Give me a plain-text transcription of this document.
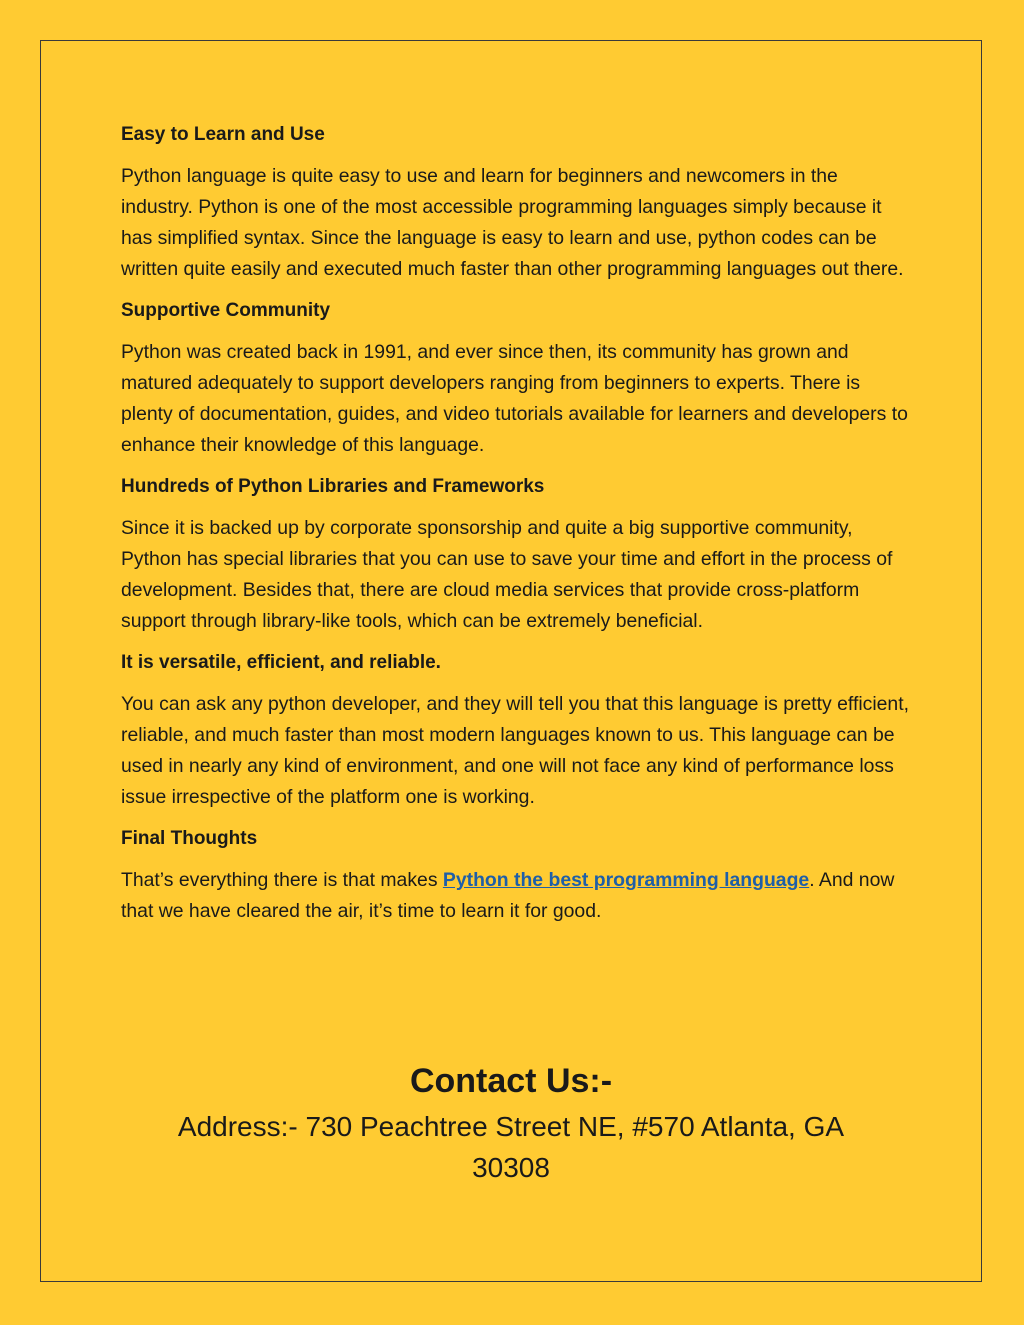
Easy to Learn and Use

Python language is quite easy to use and learn for beginners and newcomers in the industry. Python is one of the most accessible programming languages simply because it has simplified syntax. Since the language is easy to learn and use, python codes can be written quite easily and executed much faster than other programming languages out there.

Supportive Community

Python was created back in 1991, and ever since then, its community has grown and matured adequately to support developers ranging from beginners to experts. There is plenty of documentation, guides, and video tutorials available for learners and developers to enhance their knowledge of this language.

Hundreds of Python Libraries and Frameworks

Since it is backed up by corporate sponsorship and quite a big supportive community, Python has special libraries that you can use to save your time and effort in the process of development. Besides that, there are cloud media services that provide cross-platform support through library-like tools, which can be extremely beneficial.

It is versatile, efficient, and reliable.

You can ask any python developer, and they will tell you that this language is pretty efficient, reliable, and much faster than most modern languages known to us. This language can be used in nearly any kind of environment, and one will not face any kind of performance loss issue irrespective of the platform one is working.

Final Thoughts

That’s everything there is that makes Python the best programming language. And now that we have cleared the air, it’s time to learn it for good.

Contact Us:-

Address:- 730 Peachtree Street NE, #570 Atlanta, GA 30308
